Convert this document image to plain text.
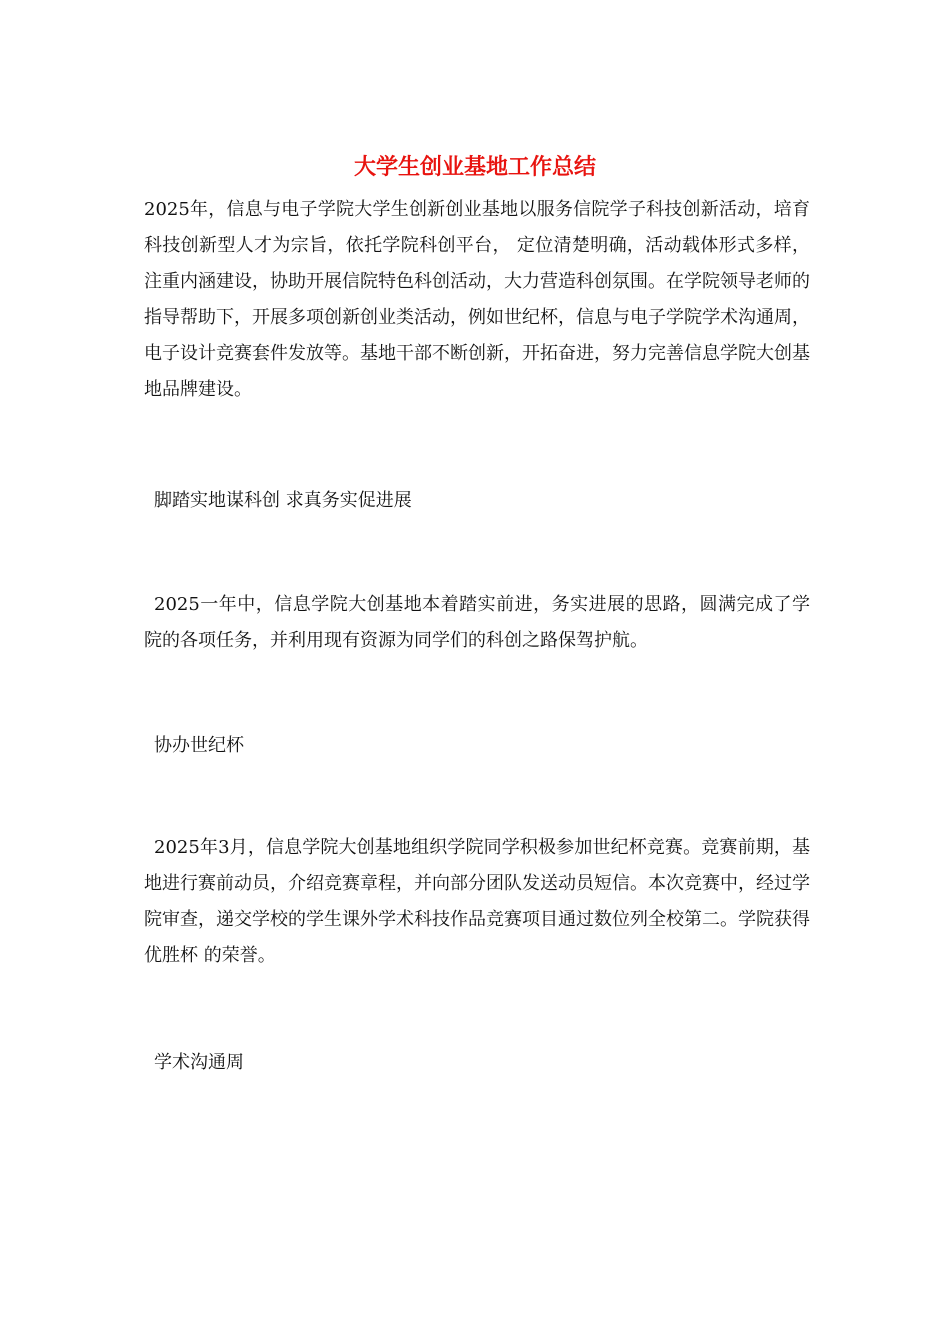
大学生创业基地工作总结

2025年，信息与电子学院大学生创新创业基地以服务信院学子科技创新活动，培育科技创新型人才为宗旨，依托学院科创平台， 定位清楚明确，活动载体形式多样，注重内涵建设，协助开展信院特色科创活动，大力营造科创氛围。在学院领导老师的指导帮助下，开展多项创新创业类活动，例如世纪杯，信息与电子学院学术沟通周，电子设计竞赛套件发放等。基地干部不断创新，开拓奋进，努力完善信息学院大创基地品牌建设。

脚踏实地谋科创 求真务实促进展

2025一年中，信息学院大创基地本着踏实前进，务实进展的思路，圆满完成了学院的各项任务，并利用现有资源为同学们的科创之路保驾护航。

协办世纪杯

2025年3月，信息学院大创基地组织学院同学积极参加世纪杯竞赛。竞赛前期，基地进行赛前动员，介绍竞赛章程，并向部分团队发送动员短信。本次竞赛中，经过学院审查，递交学校的学生课外学术科技作品竞赛项目通过数位列全校第二。学院获得 优胜杯 的荣誉。

学术沟通周
